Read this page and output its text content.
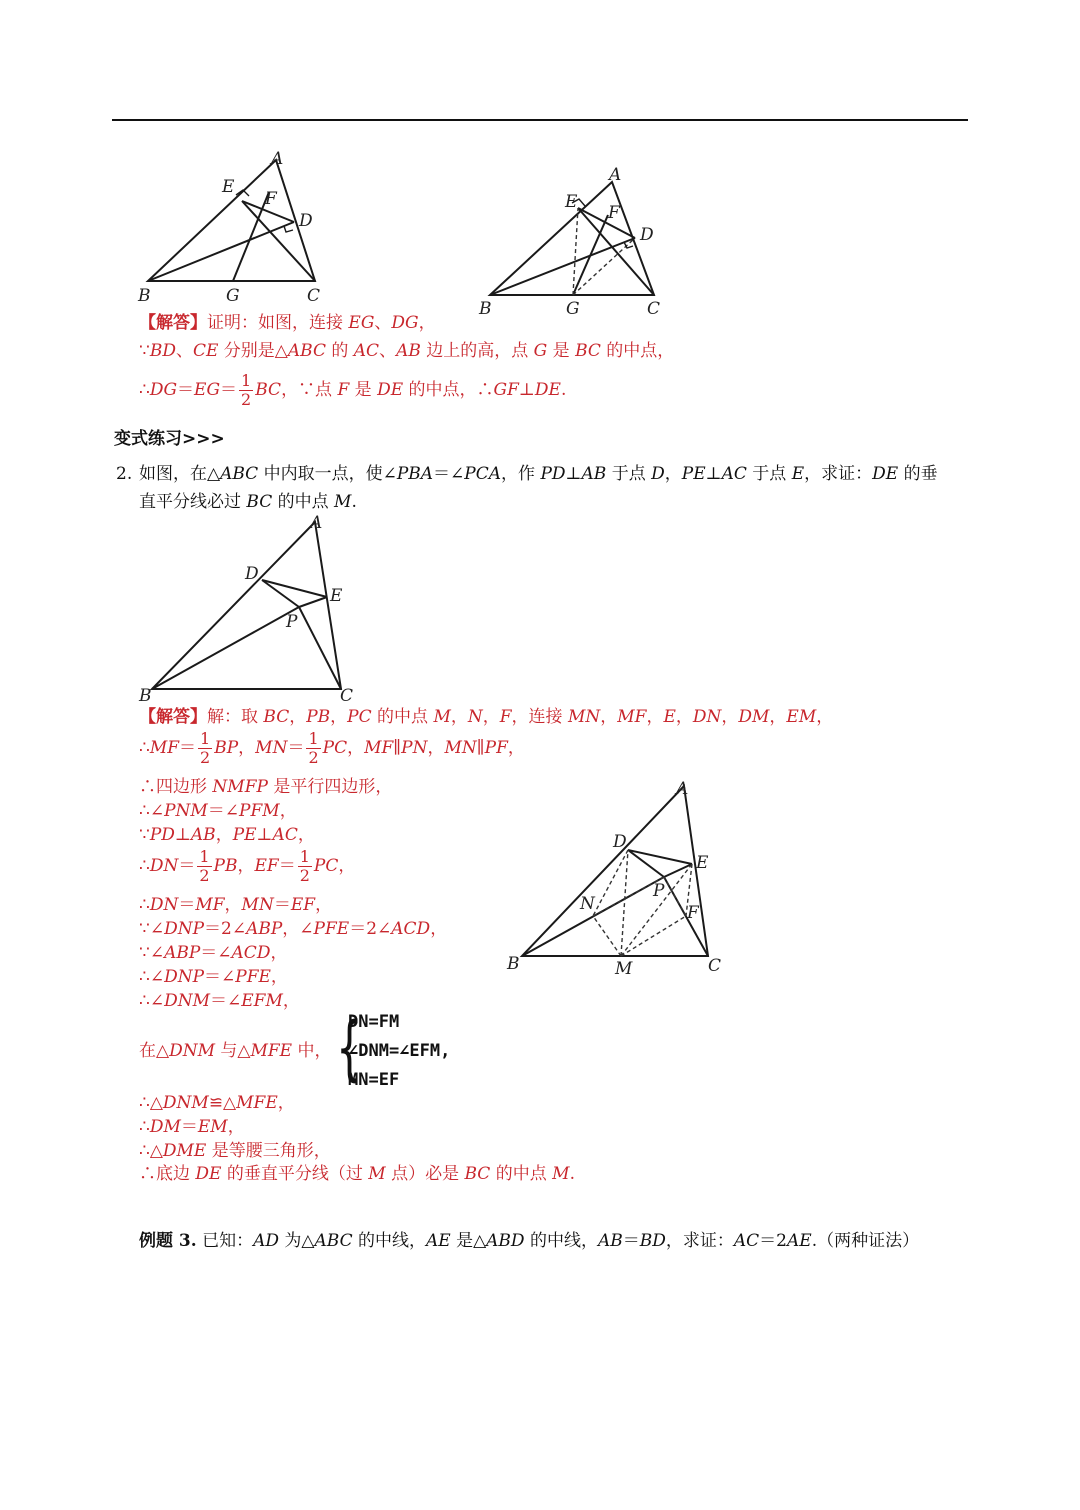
A
E
F
D
B	G	C
A
E
F
D
B	G	C
【解答】证明：如图，连接 EG、DG，
∵BD、CE 分别是△ABC 的 AC、AB 边上的高，点 G 是 BC 的中点，
∴DG＝EG＝ $\frac{1}{2}$ BC，∵点 F 是 DE 的中点，∴GF⊥DE.
变式练习>>>
2. 如图，在△ABC 中内取一点，使∠PBA＝∠PCA，作 PD⊥AB 于点 D，PE⊥AC 于点 E，求证：DE 的垂
直平分线必过 BC 的中点 M.
A
D
E
P
B	C
【解答】解：取 BC，PB，PC 的中点 M，N，F，连接 MN，MF，E，DN，DM，EM，
∴MF＝ $\frac{1}{2}$ BP，$MN= \frac{1}{2}$ PC，MF∥PN，MN∥PF，
∴四边形 NMFP 是平行四边形，
∴∠PNM＝∠PFM，
∵PD⊥AB，PE⊥AC，
∴DN＝ $\frac{1}{2}$ PB，$EF= \frac{1}{2}$ PC，
∴DN＝MF，MN＝EF，
∵∠DNP＝2∠ABP，∠PFE＝2∠ACD，
∵∠ABP＝∠ACD，
∴∠DNP＝∠PFE，
∴∠DNM＝∠EFM，
在△DNM 与△MFE 中， {
DN=FM
∠DNM=∠EFM,
MN=EF
∴△DNM≌△MFE，
∴DM＝EM，
∴△DME 是等腰三角形，
∴底边 DE 的垂直平分线（过 M 点）必是 BC 的中点 M.
A
D
E
P
N	F
B	M	C
例题 3. 已知：AD 为△ABC 的中线，AE 是△ABD 的中线，AB＝BD，求证：AC＝2AE.（两种证法）
